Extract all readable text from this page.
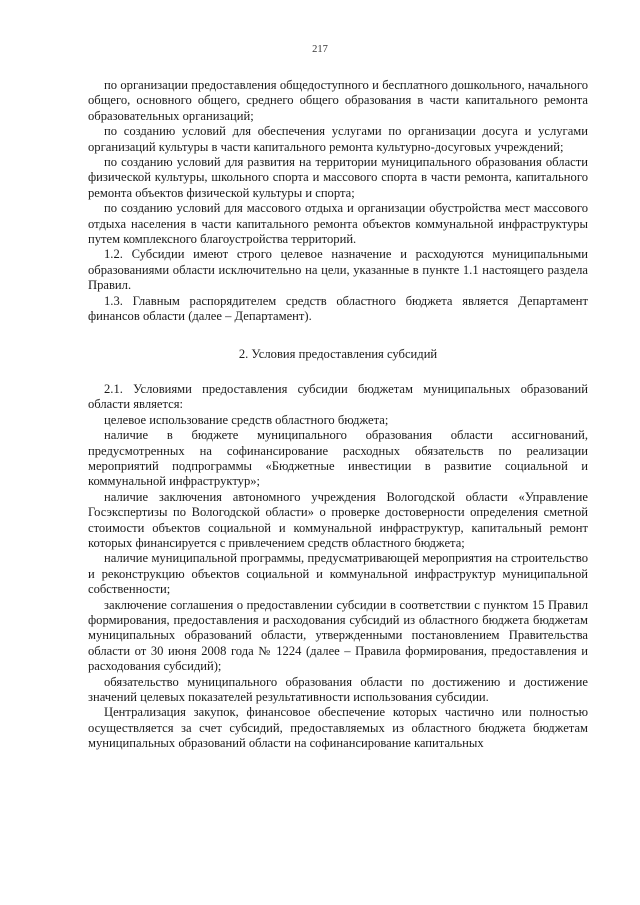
217

по организации предоставления общедоступного и бесплатного дошкольного, начального общего, основного общего, среднего общего образования в части капитального ремонта образовательных организаций;

по созданию условий для обеспечения услугами по организации досуга и услугами организаций культуры в части капитального ремонта культурно-досуговых учреждений;

по созданию условий для развития на территории муниципального образования области физической культуры, школьного спорта и массового спорта в части ремонта, капитального ремонта объектов физической культуры и спорта;

по созданию условий для массового отдыха и организации обустройства мест массового отдыха населения в части капитального ремонта объектов коммунальной инфраструктуры путем комплексного благоустройства территорий.

1.2. Субсидии имеют строго целевое назначение и расходуются муниципальными образованиями области исключительно на цели, указанные в пункте 1.1 настоящего раздела Правил.

1.3. Главным распорядителем средств областного бюджета является Департамент финансов области (далее – Департамент).

2. Условия предоставления субсидий

2.1. Условиями предоставления субсидии бюджетам муниципальных образований области является:

целевое использование средств областного бюджета;

наличие в бюджете муниципального образования области ассигнований, предусмотренных на софинансирование расходных обязательств по реализации мероприятий подпрограммы «Бюджетные инвестиции в развитие социальной и коммунальной инфраструктур»;

наличие заключения автономного учреждения Вологодской области «Управление Госэкспертизы по Вологодской области» о проверке достоверности определения сметной стоимости объектов социальной и коммунальной инфраструктур, капитальный ремонт которых финансируется с привлечением средств областного бюджета;

наличие муниципальной программы, предусматривающей мероприятия на строительство и реконструкцию объектов социальной и коммунальной инфраструктур муниципальной собственности;

заключение соглашения о предоставлении субсидии в соответствии с пунктом 15 Правил формирования, предоставления и расходования субсидий из областного бюджета бюджетам муниципальных образований области, утвержденными постановлением Правительства области от 30 июня 2008 года № 1224 (далее – Правила формирования, предоставления и расходования субсидий);

обязательство муниципального образования области по достижению и достижение значений целевых показателей результативности использования субсидии.

Централизация закупок, финансовое обеспечение которых частично или полностью осуществляется за счет субсидий, предоставляемых из областного бюджета бюджетам муниципальных образований области на софинансирование капитальных
